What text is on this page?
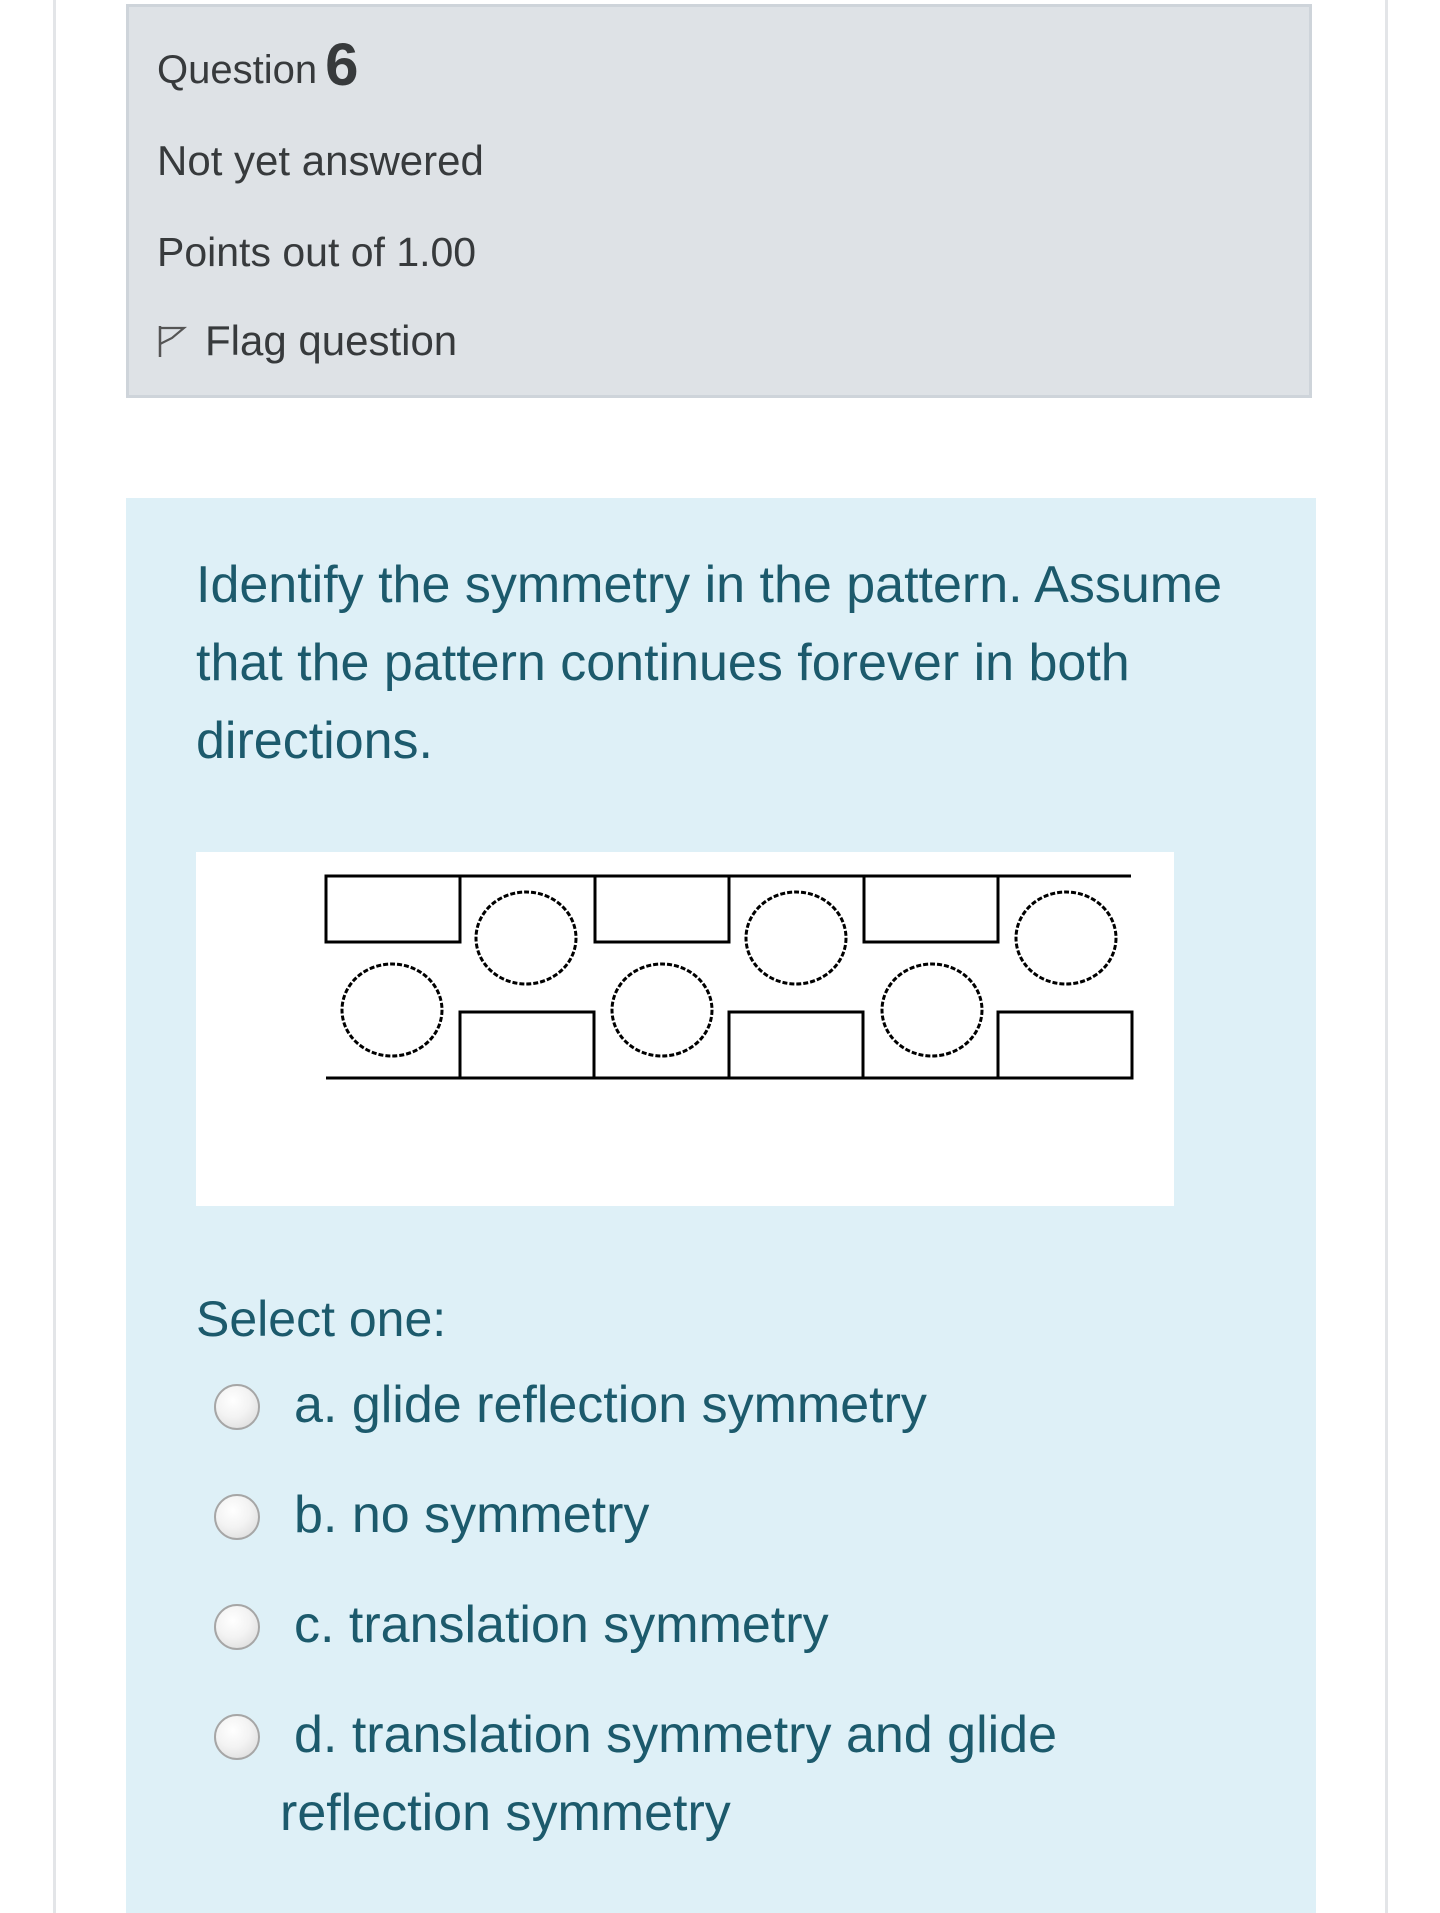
Question 6
Not yet answered
Points out of 1.00
Flag question
Identify the symmetry in the pattern. Assume that the pattern continues forever in both directions.
Select one:
a. glide reflection symmetry
b. no symmetry
c. translation symmetry
d. translation symmetry and glide
reflection symmetry
